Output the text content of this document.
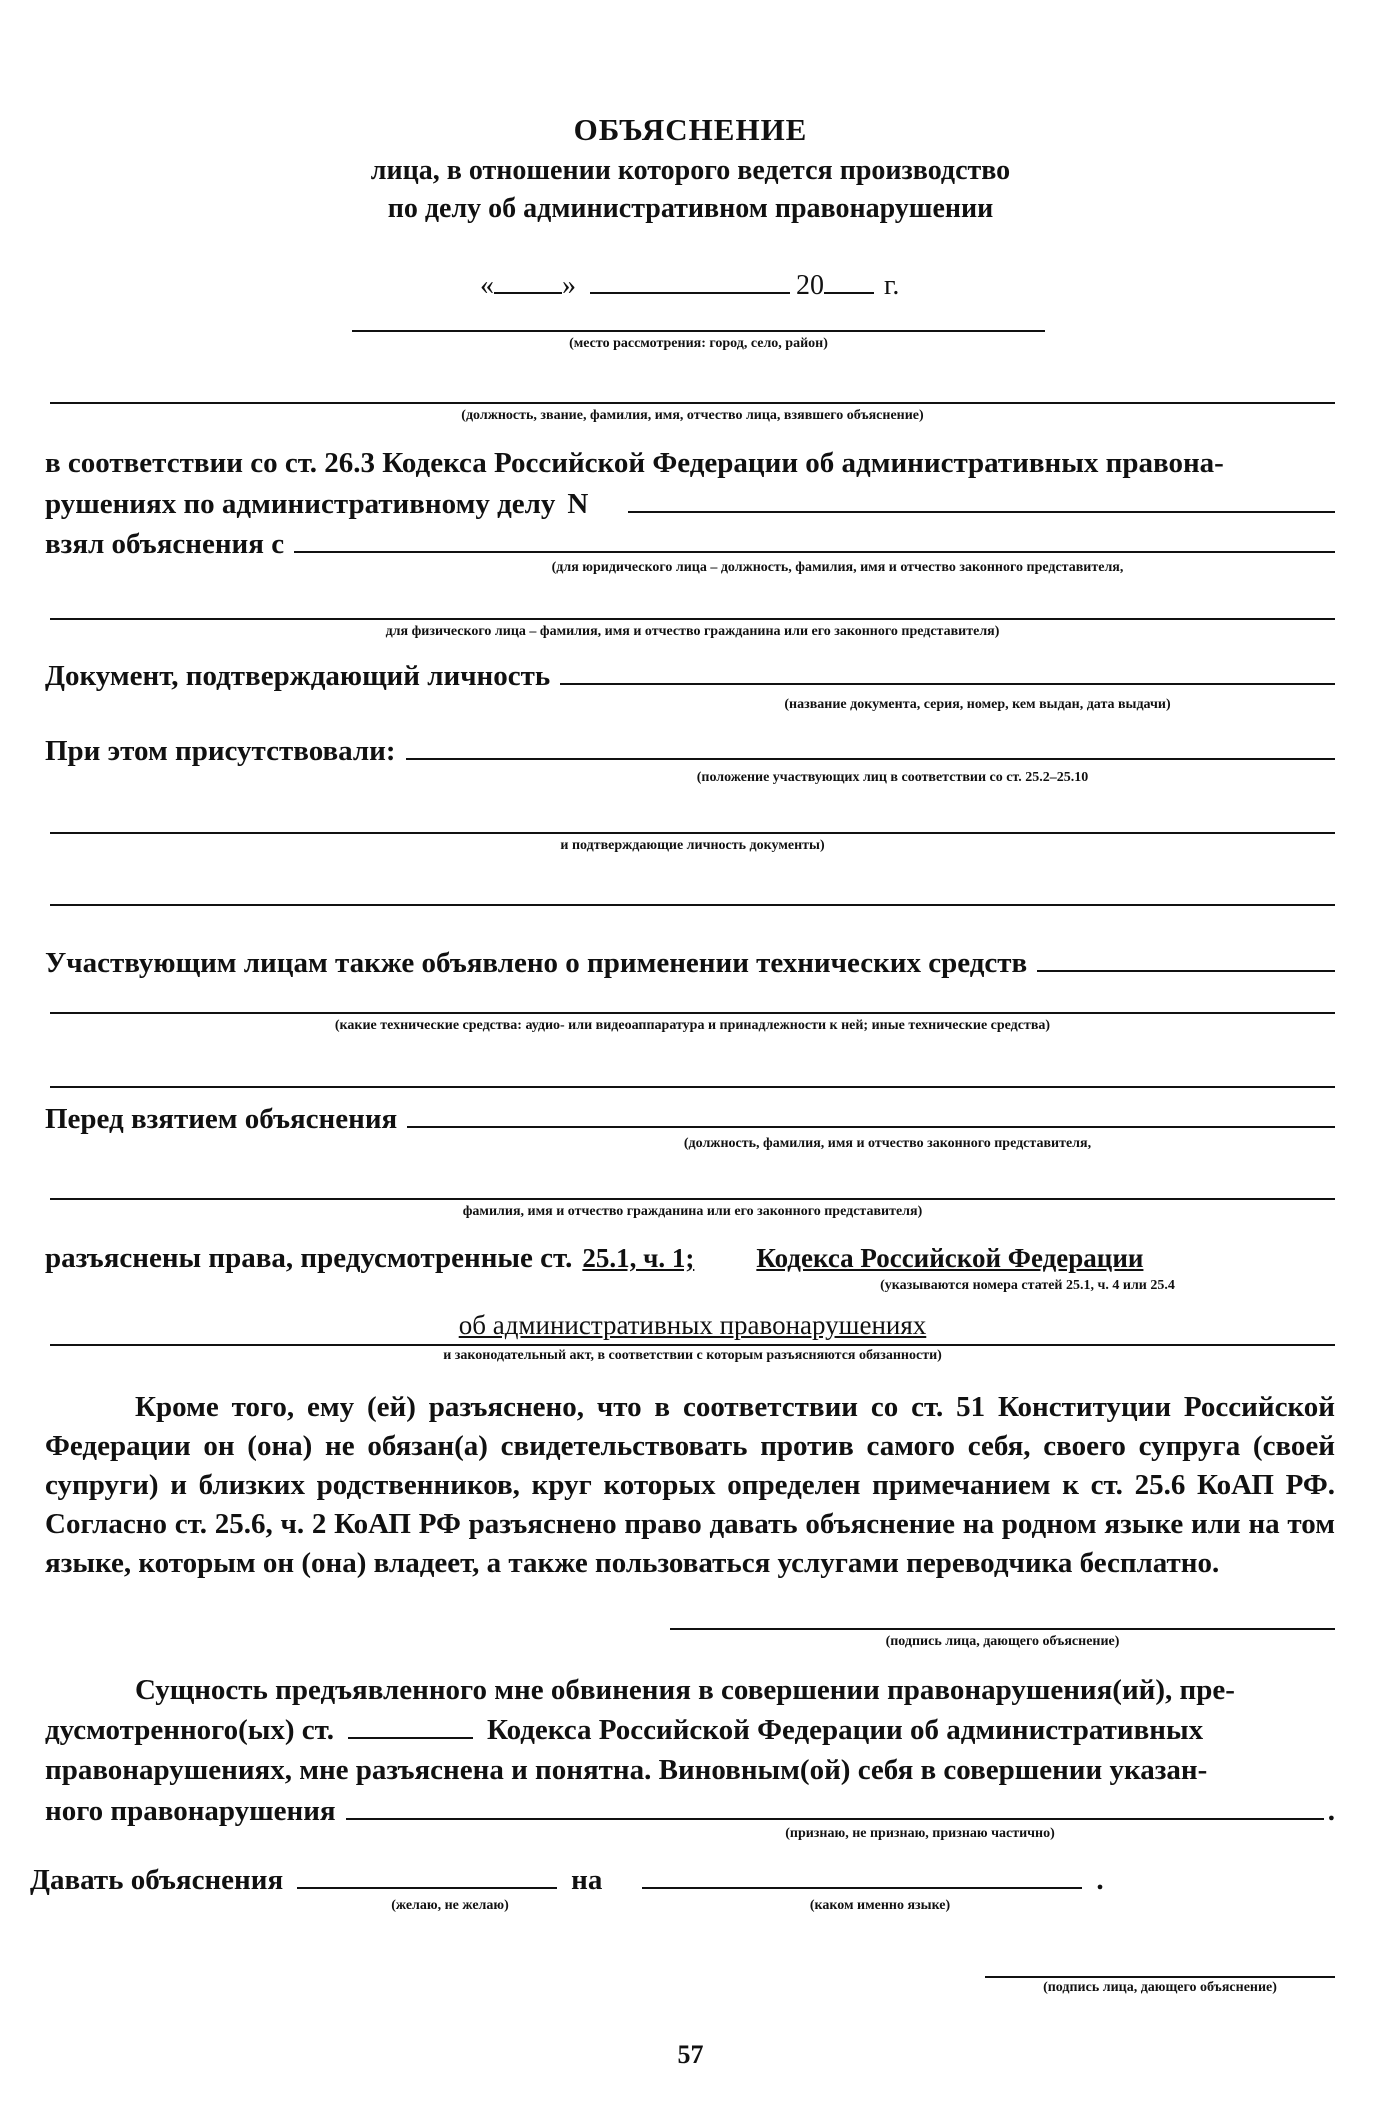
ОБЪЯСНЕНИЕ
лица, в отношении которого ведется производство
по делу об административном правонарушении
« »	20 г.
(место рассмотрения: город, село, район)
(должность, звание, фамилия, имя, отчество лица, взявшего объяснение)
в соответствии со ст. 26.3 Кодекса Российской Федерации об административных правона-
рушениях по административному делу N
взял объяснения с
(для юридического лица – должность, фамилия, имя и отчество законного представителя,
для физического лица – фамилия, имя и отчество гражданина или его законного представителя)
Документ, подтверждающий личность
(название документа, серия, номер, кем выдан, дата выдачи)
При этом присутствовали:
(положение участвующих лиц в соответствии со ст. 25.2–25.10
и подтверждающие личность документы)
Участвующим лицам также объявлено о применении технических средств
(какие технические средства: аудио- или видеоаппаратура и принадлежности к ней; иные технические средства)
Перед взятием объяснения
(должность, фамилия, имя и отчество законного представителя,
фамилия, имя и отчество гражданина или его законного представителя)
разъяснены права, предусмотренные ст. 25.1, ч. 1; Кодекса Российской Федерации
(указываются номера статей 25.1, ч. 4 или 25.4
об административных правонарушениях
и законодательный акт, в соответствии с которым разъясняются обязанности)
Кроме того, ему (ей) разъяснено, что в соответствии со ст. 51 Конституции Российской Федерации он (она) не обязан(а) свидетельствовать против самого себя, своего супруга (своей супруги) и близких родственников, круг которых определен примечанием к ст. 25.6 КоАП РФ. Согласно ст. 25.6, ч. 2 КоАП РФ разъяснено право давать объяснение на родном языке или на том языке, которым он (она) владеет, а также пользоваться услугами переводчика бесплатно.
(подпись лица, дающего объяснение)
Сущность предъявленного мне обвинения в совершении правонарушения(ий), пре-
дусмотренного(ых) ст.	Кодекса Российской Федерации об административных
правонарушениях, мне разъяснена и понятна. Виновным(ой) себя в совершении указан-
ного правонарушения	.
(признаю, не признаю, признаю частично)
Давать объяснения	на	.
(желаю, не желаю)	(каком именно языке)
(подпись лица, дающего объяснение)
57
